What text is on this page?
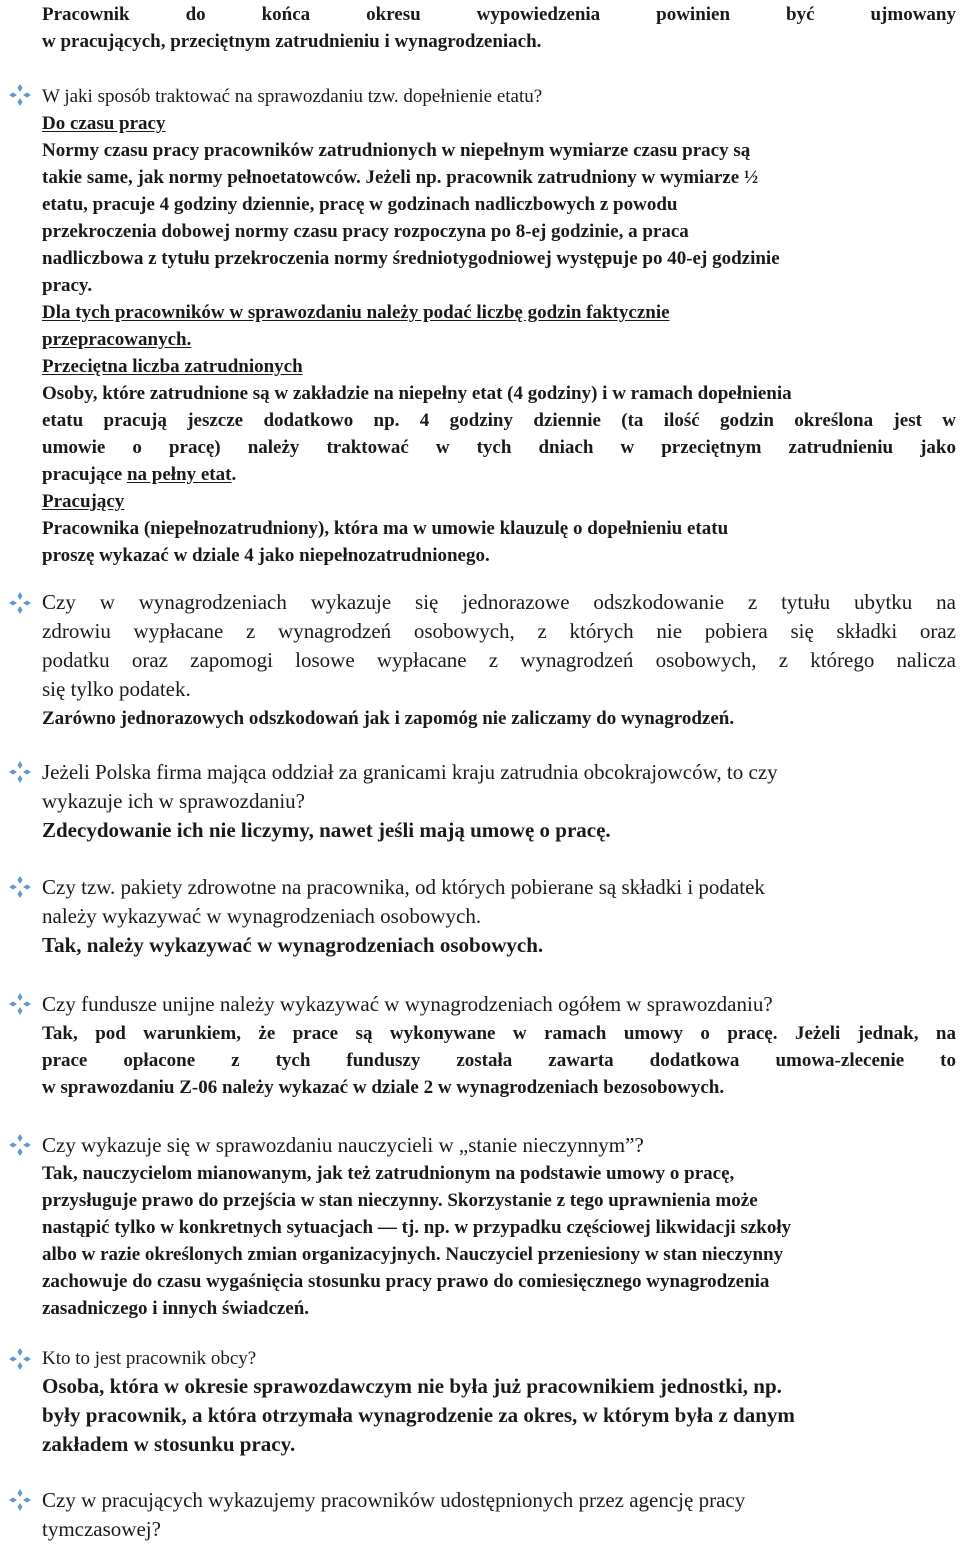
Pracownik do końca okresu wypowiedzenia powinien być ujmowany
w pracujących, przeciętnym zatrudnieniu i wynagrodzeniach.
W jaki sposób traktować na sprawozdaniu tzw. dopełnienie etatu?
Do czasu pracy
Normy czasu pracy pracowników zatrudnionych w niepełnym wymiarze czasu pracy są
takie same, jak normy pełnoetatowców. Jeżeli np. pracownik zatrudniony w wymiarze ½
etatu, pracuje 4 godziny dziennie, pracę w godzinach nadliczbowych z powodu
przekroczenia dobowej normy czasu pracy rozpoczyna po 8-ej godzinie, a praca
nadliczbowa z tytułu przekroczenia normy średniotygodniowej występuje po 40-ej godzinie
pracy.
Dla tych pracowników w sprawozdaniu należy podać liczbę godzin faktycznie
przepracowanych.
Przeciętna liczba zatrudnionych
Osoby, które zatrudnione są w zakładzie na niepełny etat (4 godziny) i w ramach dopełnienia
etatu pracują jeszcze dodatkowo np. 4 godziny dziennie (ta ilość godzin określona jest w
umowie o pracę) należy traktować w tych dniach w przeciętnym zatrudnieniu jako
pracujące na pełny etat.
Pracujący
Pracownika (niepełnozatrudniony), która ma w umowie klauzulę o dopełnieniu etatu
proszę wykazać w dziale 4 jako niepełnozatrudnionego.
Czy w wynagrodzeniach wykazuje się jednorazowe odszkodowanie z tytułu ubytku na
zdrowiu wypłacane z wynagrodzeń osobowych, z których nie pobiera się składki oraz
podatku oraz zapomogi losowe wypłacane z wynagrodzeń osobowych, z którego nalicza
się tylko podatek.
Zarówno jednorazowych odszkodowań jak i zapomóg nie zaliczamy do wynagrodzeń.
Jeżeli Polska firma mająca oddział za granicami kraju zatrudnia obcokrajowców, to czy
wykazuje ich w sprawozdaniu?
Zdecydowanie ich nie liczymy, nawet jeśli mają umowę o pracę.
Czy tzw. pakiety zdrowotne na pracownika, od których pobierane są składki i podatek
należy wykazywać w wynagrodzeniach osobowych.
Tak, należy wykazywać w wynagrodzeniach osobowych.
Czy fundusze unijne należy wykazywać w wynagrodzeniach ogółem w sprawozdaniu?
Tak, pod warunkiem, że prace są wykonywane w ramach umowy o pracę. Jeżeli jednak, na
prace opłacone z tych funduszy została zawarta dodatkowa umowa-zlecenie to
w sprawozdaniu Z-06 należy wykazać w dziale 2 w wynagrodzeniach bezosobowych.
Czy wykazuje się w sprawozdaniu nauczycieli w „stanie nieczynnym”?
Tak, nauczycielom mianowanym, jak też zatrudnionym na podstawie umowy o pracę,
przysługuje prawo do przejścia w stan nieczynny. Skorzystanie z tego uprawnienia może
nastąpić tylko w konkretnych sytuacjach — tj. np. w przypadku częściowej likwidacji szkoły
albo w razie określonych zmian organizacyjnych. Nauczyciel przeniesiony w stan nieczynny
zachowuje do czasu wygaśnięcia stosunku pracy prawo do comiesięcznego wynagrodzenia
zasadniczego i innych świadczeń.
Kto to jest pracownik obcy?
Osoba, która w okresie sprawozdawczym nie była już pracownikiem jednostki, np.
były pracownik, a która otrzymała wynagrodzenie za okres, w którym była z danym
zakładem w stosunku pracy.
Czy w pracujących wykazujemy pracowników udostępnionych przez agencję pracy
tymczasowej?
